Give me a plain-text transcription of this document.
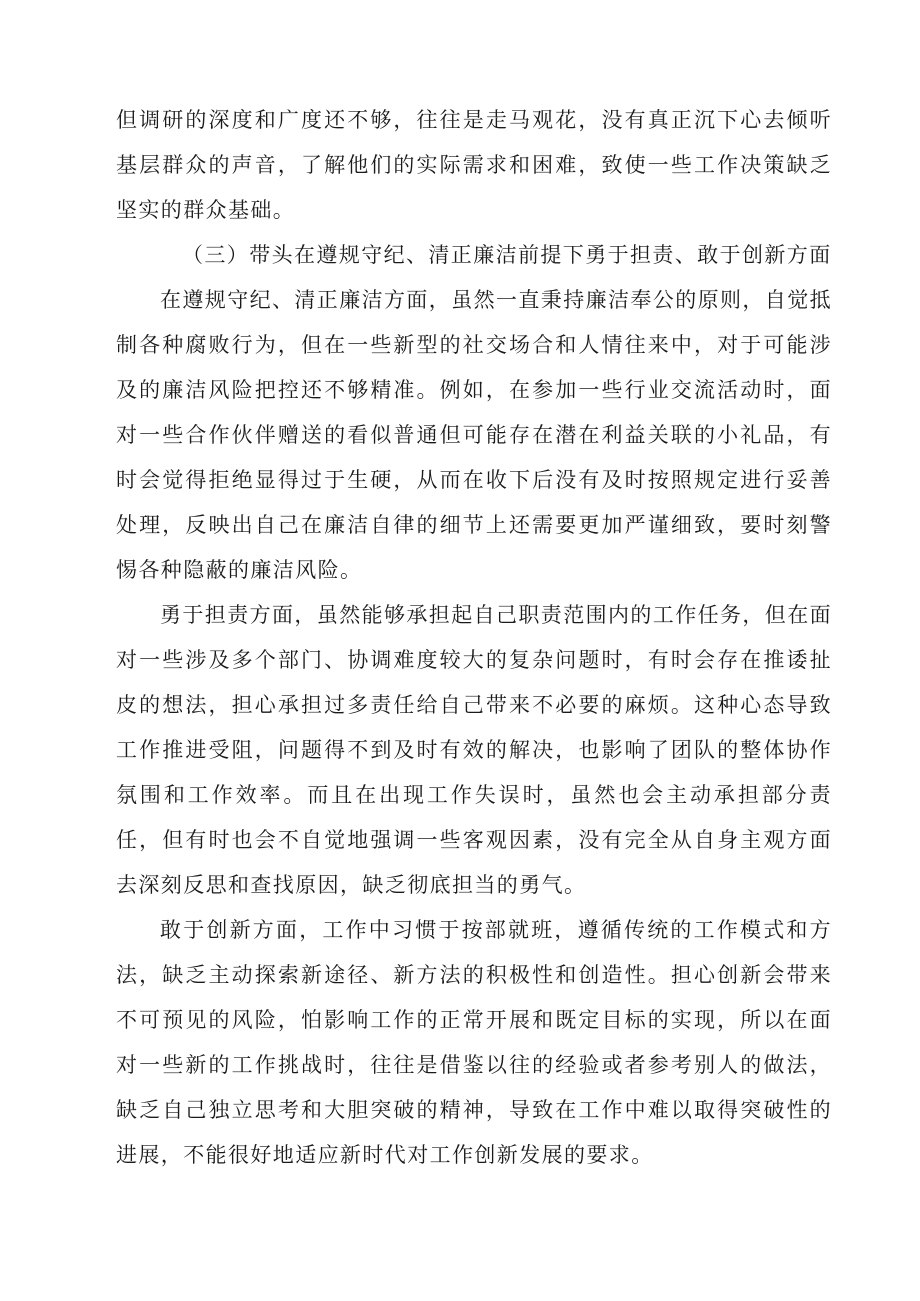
但调研的深度和广度还不够，往往是走马观花，没有真正沉下心去倾听基层群众的声音，了解他们的实际需求和困难，致使一些工作决策缺乏坚实的群众基础。

（三）带头在遵规守纪、清正廉洁前提下勇于担责、敢于创新方面

在遵规守纪、清正廉洁方面，虽然一直秉持廉洁奉公的原则，自觉抵制各种腐败行为，但在一些新型的社交场合和人情往来中，对于可能涉及的廉洁风险把控还不够精准。例如，在参加一些行业交流活动时，面对一些合作伙伴赠送的看似普通但可能存在潜在利益关联的小礼品，有时会觉得拒绝显得过于生硬，从而在收下后没有及时按照规定进行妥善处理，反映出自己在廉洁自律的细节上还需要更加严谨细致，要时刻警惕各种隐蔽的廉洁风险。

勇于担责方面，虽然能够承担起自己职责范围内的工作任务，但在面对一些涉及多个部门、协调难度较大的复杂问题时，有时会存在推诿扯皮的想法，担心承担过多责任给自己带来不必要的麻烦。这种心态导致工作推进受阻，问题得不到及时有效的解决，也影响了团队的整体协作氛围和工作效率。而且在出现工作失误时，虽然也会主动承担部分责任，但有时也会不自觉地强调一些客观因素，没有完全从自身主观方面去深刻反思和查找原因，缺乏彻底担当的勇气。

敢于创新方面，工作中习惯于按部就班，遵循传统的工作模式和方法，缺乏主动探索新途径、新方法的积极性和创造性。担心创新会带来不可预见的风险，怕影响工作的正常开展和既定目标的实现，所以在面对一些新的工作挑战时，往往是借鉴以往的经验或者参考别人的做法，缺乏自己独立思考和大胆突破的精神，导致在工作中难以取得突破性的进展，不能很好地适应新时代对工作创新发展的要求。
